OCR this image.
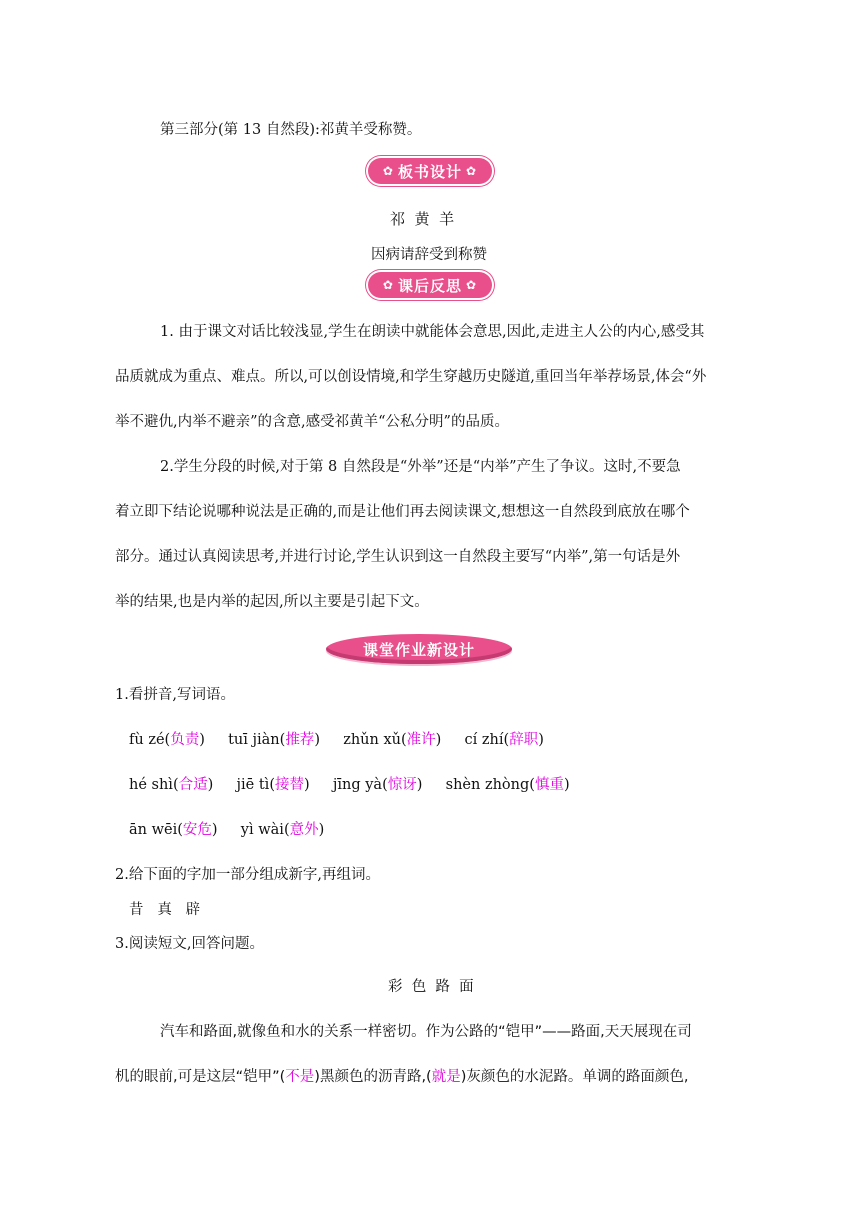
第三部分(第 13 自然段):祁黄羊受称赞。
✿ 板书设计 ✿
祁  黄  羊
因病请辞受到称赞
✿ 课后反思 ✿
1. 由于课文对话比较浅显,学生在朗读中就能体会意思,因此,走进主人公的内心,感受其
品质就成为重点、难点。所以,可以创设情境,和学生穿越历史隧道,重回当年举荐场景,体会“外
举不避仇,内举不避亲”的含意,感受祁黄羊“公私分明”的品质。
2.学生分段的时候,对于第 8 自然段是“外举”还是“内举”产生了争议。这时,不要急
着立即下结论说哪种说法是正确的,而是让他们再去阅读课文,想想这一自然段到底放在哪个
部分。通过认真阅读思考,并进行讨论,学生认识到这一自然段主要写“内举”,第一句话是外
举的结果,也是内举的起因,所以主要是引起下文。
课堂作业新设计
1.看拼音,写词语。
fù zé(负责) tuī jiàn(推荐) zhǔn xǔ(准许) cí zhí(辞职)
hé shì(合适) jiē tì(接替) jīng yà(惊讶) shèn zhòng(慎重)
ān wēi(安危) yì wài(意外)
2.给下面的字加一部分组成新字,再组词。
昔   真   辟
3.阅读短文,回答问题。
彩  色  路  面
汽车和路面,就像鱼和水的关系一样密切。作为公路的“铠甲”——路面,天天展现在司
机的眼前,可是这层“铠甲”(不是)黑颜色的沥青路,(就是)灰颜色的水泥路。单调的路面颜色,
